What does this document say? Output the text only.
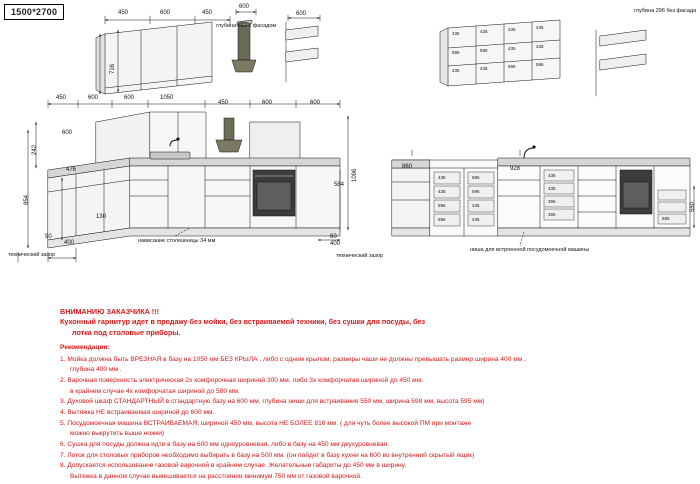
1500*2700	450	600	450
600
716
глубина 312 с фасадом
600	глубина 296 без фасада
450	600	600	1050
450	600	600
242
600
854
476
90
400
130
1096
584
60
400
550
860	928
нависание столешницы 34 мм
технический зазор	технический зазор
ниша для встроенной посудомоечной машины
435	435	435	435
596	596	435	435
435	435	596	596
435
435
596
596
596
596
435
435
435
435
396
396
596
ВНИМАНИЮ ЗАКАЗЧИКА !!!
Кухонный гарнитур идет в продажу без мойки, без встраиваемой техники, без сушки для посуды, без
лотка под столовые приборы.
Рекомендации:
1. Мойка должна быть ВРЕЗНАЯ в базу на 1050 мм БЕЗ КРЫЛА , либо с одним крылом, размеры чаши не должны превышать размер ширина 400 мм ,
глубина 400 мм .
2. Варочная поверхность электрическая 2х комфорочная шириной 300 мм, либо 3х комфорчатая шириной до 450 мм,
в крайнем случае 4х комфорчатая шириной до 580 мм.
3. Духовой шкаф СТАНДАРТНЫЙ в стандартную базу на 600 мм, глубина ниши для встраивания 550 мм, ширина 598 мм, высота 595 мм)
4. Вытяжка НЕ встраиваемая шириной до 600 мм.
5. Посудомоечная машина ВСТРАИВАЕМАЯ, шириной 450 мм, высота НЕ БОЛЕЕ 816 мм. ( для чуть более высокой ПМ при монтаже
можно выкрутить выше ножки)
6. Сушка для посуды должна идти в базу на 600 мм одноуровневая, либо в базу на 450 мм двухуровневая.
7. Лоток для столовых приборов необходимо выбирать в базу на 500 мм. (он пойдет в базу кухни на 600 во внутренний скрытый ящик)
8. Допускается использование газовой варочной в крайнем случае. Желательные габариты до 450 мм в ширину.
Вытяжка в данном случае вывешивается на расстоянии минимум 750 мм от газовой варочной.
